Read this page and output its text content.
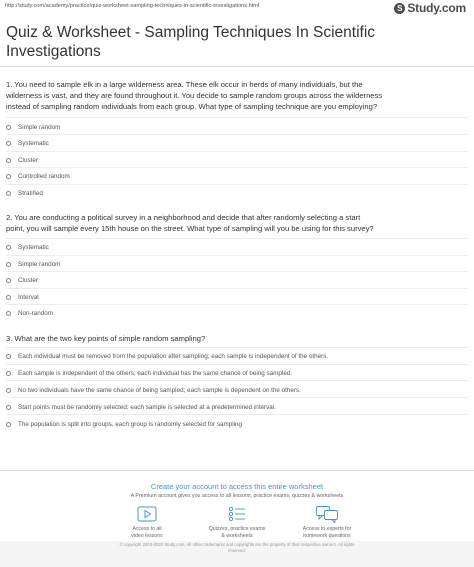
http://study.com/academy/practice/quiz-worksheet-sampling-techniques-in-scientific-investigations.html	S Study.com
Quiz & Worksheet - Sampling Techniques In Scientific
Investigations
1. You need to sample elk in a large wilderness area. These elk occur in herds of many individuals, but the
wilderness is vast, and they are found throughout it. You decide to sample random groups across the wilderness
instead of sampling random individuals from each group. What type of sampling technique are you employing?
Simple random
Systematic
Cluster
Controlled random
Stratified
2. You are conducting a political survey in a neighborhood and decide that after randomly selecting a start
point, you will sample every 15th house on the street. What type of sampling will you be using for this survey?
Systematic
Simple random
Cluster
Interval
Non-random
3. What are the two key points of simple random sampling?
Each individual must be removed from the population after sampling; each sample is independent of the others.
Each sample is independent of the others; each individual has the same chance of being sampled.
No two individuals have the same chance of being sampled; each sample is dependent on the others.
Start points must be randomly selected; each sample is selected at a predetermined interval.
The population is split into groups, each group is randomly selected for sampling
Create your account to access this entire worksheet
A Premium account gives you access to all lessons, practice exams, quizzes & worksheets
Access to all
video lessons
Quizzes, practice exams
& worksheets
Access to experts for
homework questions
© copyright 2003-2020 Study.com. All other trademarks and copyrights are the property of their respective owners. All rights
reserved.
